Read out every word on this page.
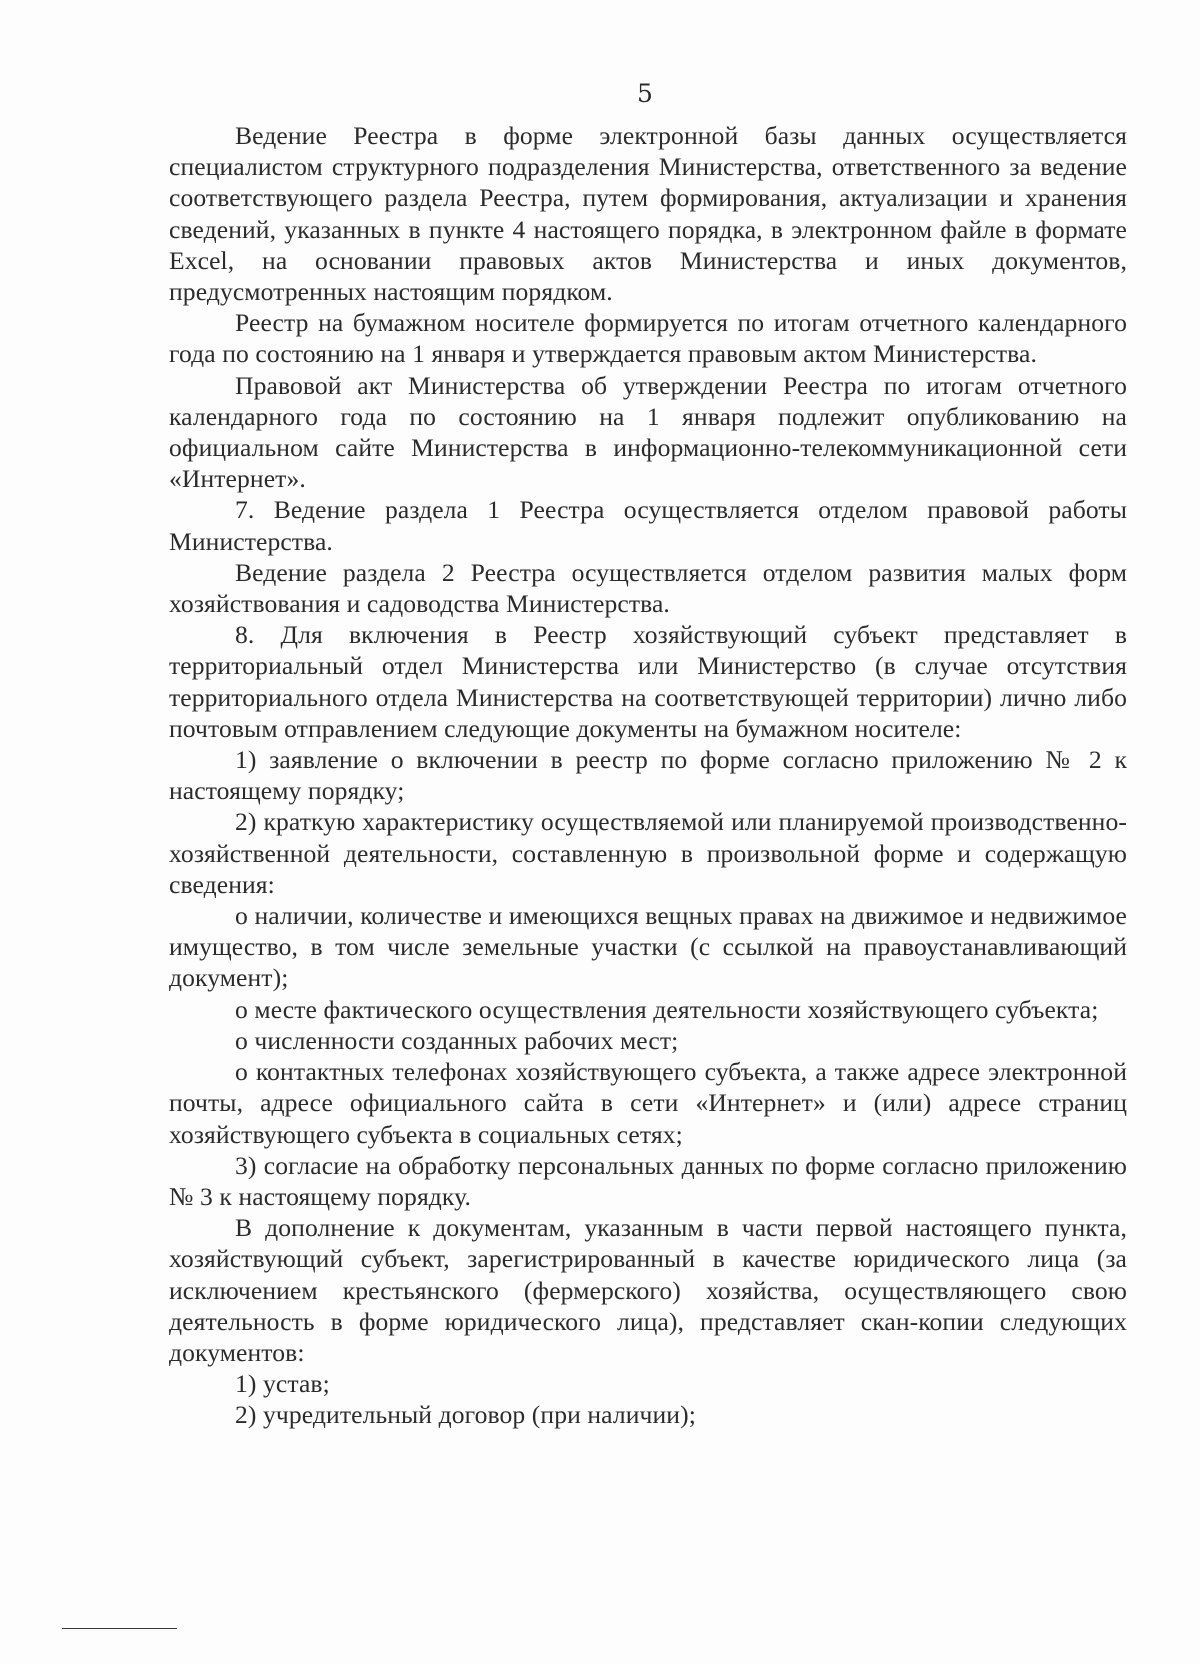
5

Ведение Реестра в форме электронной базы данных осуществляется специалистом структурного подразделения Министерства, ответственного за ведение соответствующего раздела Реестра, путем формирования, актуализации и хранения сведений, указанных в пункте 4 настоящего порядка, в электронном файле в формате Excel, на основании правовых актов Министерства и иных документов, предусмотренных настоящим порядком.

Реестр на бумажном носителе формируется по итогам отчетного календарного года по состоянию на 1 января и утверждается правовым актом Министерства.

Правовой акт Министерства об утверждении Реестра по итогам отчетного календарного года по состоянию на 1 января подлежит опубликованию на официальном сайте Министерства в информационно-телекоммуникационной сети «Интернет».

7. Ведение раздела 1 Реестра осуществляется отделом правовой работы Министерства.

Ведение раздела 2 Реестра осуществляется отделом развития малых форм хозяйствования и садоводства Министерства.

8. Для включения в Реестр хозяйствующий субъект представляет в территориальный отдел Министерства или Министерство (в случае отсутствия территориального отдела Министерства на соответствующей территории) лично либо почтовым отправлением следующие документы на бумажном носителе:

1) заявление о включении в реестр по форме согласно приложению № 2 к настоящему порядку;

2) краткую характеристику осуществляемой или планируемой производственно-хозяйственной деятельности, составленную в произвольной форме и содержащую сведения:

о наличии, количестве и имеющихся вещных правах на движимое и недвижимое имущество, в том числе земельные участки (с ссылкой на правоустанавливающий документ);

о месте фактического осуществления деятельности хозяйствующего субъекта;

о численности созданных рабочих мест;

о контактных телефонах хозяйствующего субъекта, а также адресе электронной почты, адресе официального сайта в сети «Интернет» и (или) адресе страниц хозяйствующего субъекта в социальных сетях;

3) согласие на обработку персональных данных по форме согласно приложению № 3 к настоящему порядку.

В дополнение к документам, указанным в части первой настоящего пункта, хозяйствующий субъект, зарегистрированный в качестве юридического лица (за исключением крестьянского (фермерского) хозяйства, осуществляющего свою деятельность в форме юридического лица), представляет скан-копии следующих документов:

1) устав;

2) учредительный договор (при наличии);
